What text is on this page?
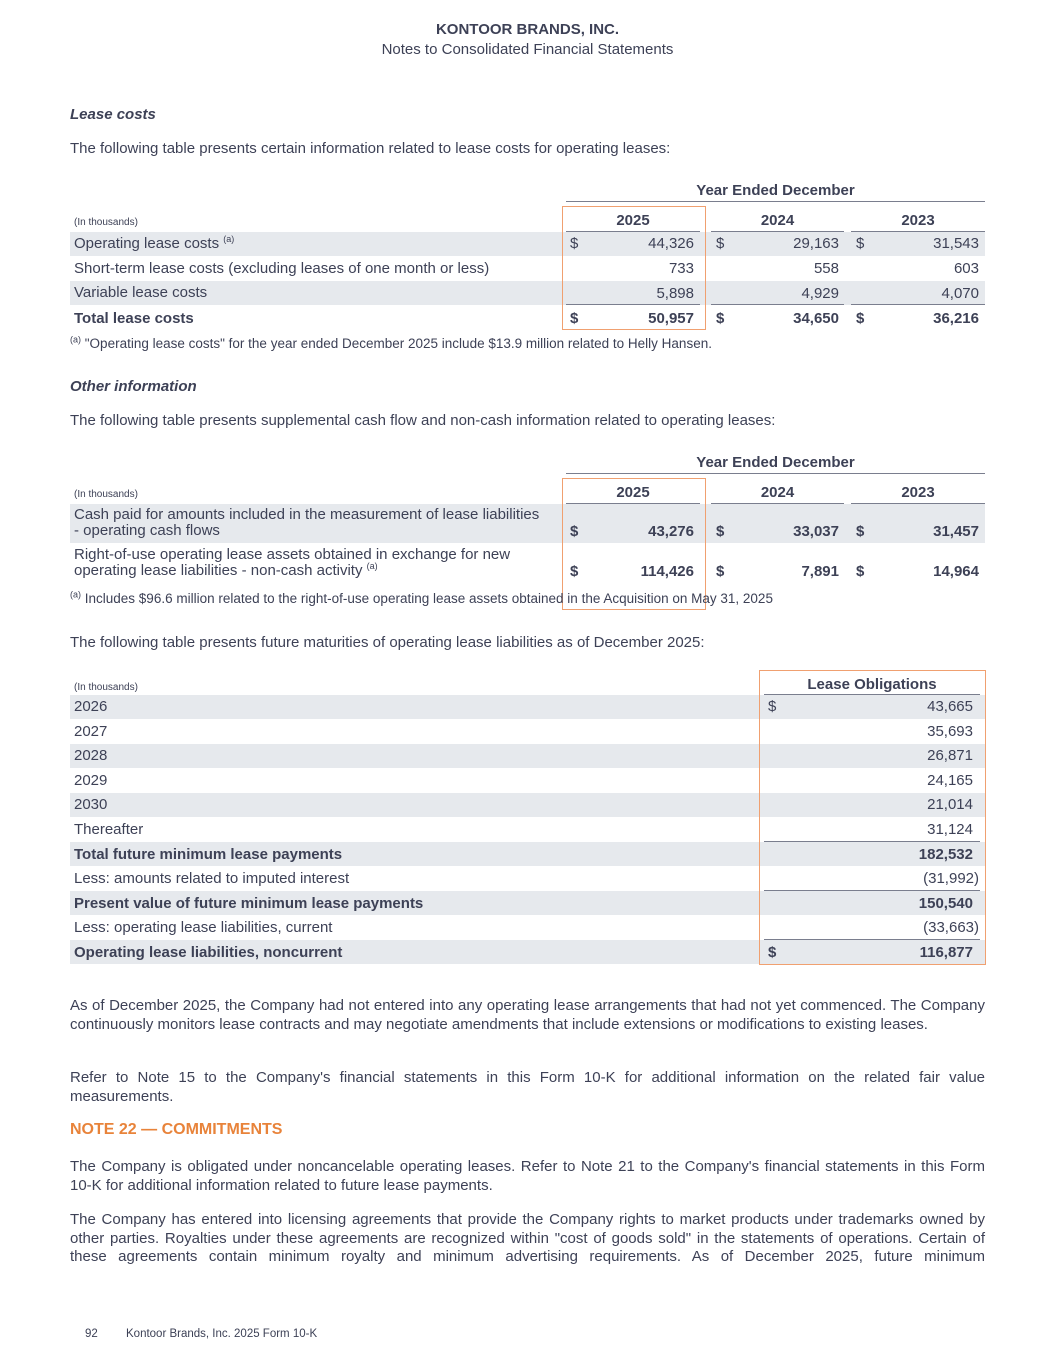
KONTOOR BRANDS, INC.
Notes to Consolidated Financial Statements
Lease costs
The following table presents certain information related to lease costs for operating leases:
Year Ended December
(In thousands)	2025	2024	2023
Operating lease costs $^{(a)}$	$	44,326 $	29,163 $	31,543
Short-term lease costs (excluding leases of one month or less)	733	558	603
Variable lease costs	5,898	4,929	4,070
Total lease costs	$	50,957 $	34,650 $	36,216
$^{(a)}$ "Operating lease costs" for the year ended December 2025 include $13.9 million related to Helly Hansen.
Other information
The following table presents supplemental cash flow and non-cash information related to operating leases:
Year Ended December
(In thousands)	2025	2024	2023
Cash paid for amounts included in the measurement of lease liabilities
- operating cash flows	$	43,276 $	33,037 $	31,457
Right-of-use operating lease assets obtained in exchange for new
operating lease liabilities - non-cash activity $^{(a)}$	$	114,426 $	7,891 $	14,964
$^{(a)}$ Includes $96.6 million related to the right-of-use operating lease assets obtained in the Acquisition on May 31, 2025
The following table presents future maturities of operating lease liabilities as of December 2025:
(In thousands)	Lease Obligations
2026	$	43,665
2027	35,693
2028	26,871
2029	24,165
2030	21,014
Thereafter	31,124
Total future minimum lease payments	182,532
Less: amounts related to imputed interest	(31,992)
Present value of future minimum lease payments	150,540
Less: operating lease liabilities, current	(33,663)
Operating lease liabilities, noncurrent	$	116,877
As of December 2025, the Company had not entered into any operating lease arrangements that had not yet commenced. The Company continuously monitors lease contracts and may negotiate amendments that include extensions or modifications to existing leases.
Refer to Note 15 to the Company's financial statements in this Form 10-K for additional information on the related fair value measurements.
NOTE 22 — COMMITMENTS
The Company is obligated under noncancelable operating leases. Refer to Note 21 to the Company's financial statements in this Form 10-K for additional information related to future lease payments.
The Company has entered into licensing agreements that provide the Company rights to market products under trademarks owned by other parties. Royalties under these agreements are recognized within "cost of goods sold" in the statements of operations. Certain of these agreements contain minimum royalty and minimum advertising requirements. As of December 2025, future minimum
92 Kontoor Brands, Inc. 2025 Form 10-K
